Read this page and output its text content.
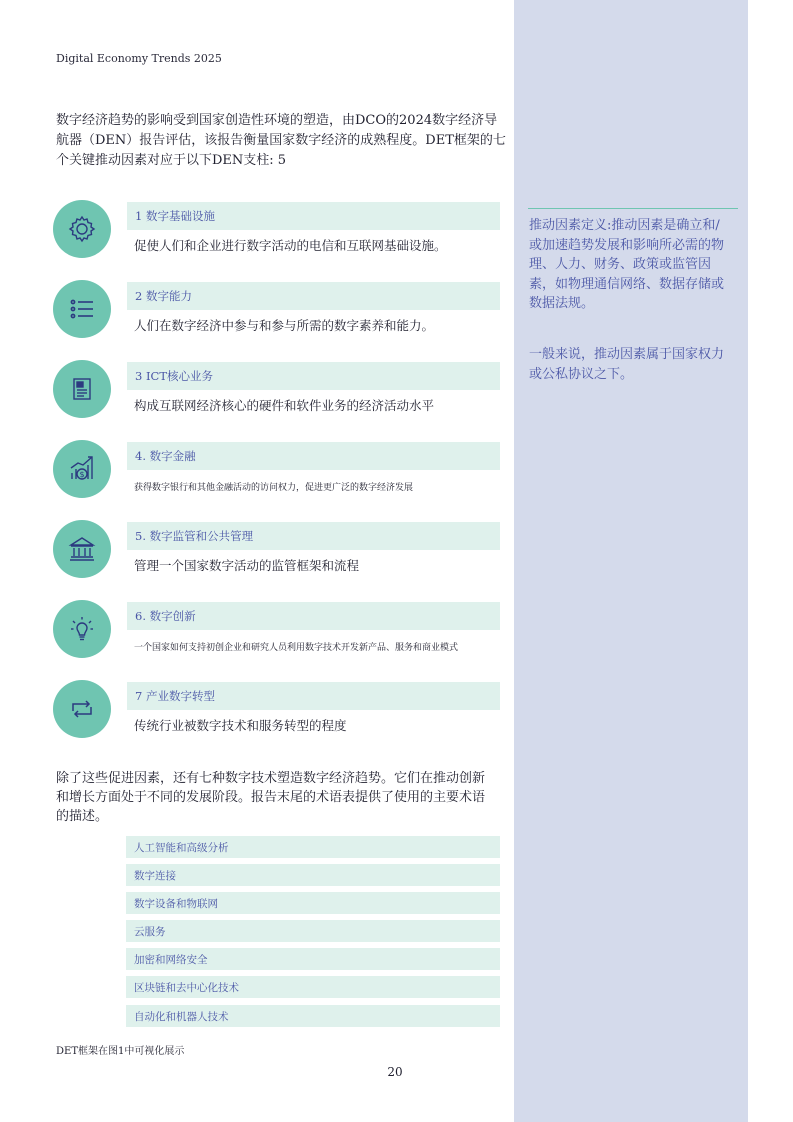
推动因素定义:推动因素是确立和/或加速趋势发展和影响所必需的物理、人力、财务、政策或监管因素，如物理通信网络、数据存储或数据法规。
一般来说，推动因素属于国家权力或公私协议之下。
Digital Economy Trends 2025
数字经济趋势的影响受到国家创造性环境的塑造，由DCO的2024数字经济导航器（DEN）报告评估，该报告衡量国家数字经济的成熟程度。DET框架的七个关键推动因素对应于以下DEN支柱: 5
1 数字基础设施
促使人们和企业进行数字活动的电信和互联网基础设施。
2 数字能力
人们在数字经济中参与和参与所需的数字素养和能力。
3 ICT核心业务
构成互联网经济核心的硬件和软件业务的经济活动水平
$
4. 数字金融
获得数字银行和其他金融活动的访问权力，促进更广泛的数字经济发展
5. 数字监管和公共管理
管理一个国家数字活动的监管框架和流程
6. 数字创新
一个国家如何支持初创企业和研究人员利用数字技术开发新产品、服务和商业模式
7 产业数字转型
传统行业被数字技术和服务转型的程度
除了这些促进因素，还有七种数字技术塑造数字经济趋势。它们在推动创新和增长方面处于不同的发展阶段。报告末尾的术语表提供了使用的主要术语的描述。
人工智能和高级分析
数字连接
数字设备和物联网
云服务
加密和网络安全
区块链和去中心化技术
自动化和机器人技术
DET框架在图1中可视化展示
20
